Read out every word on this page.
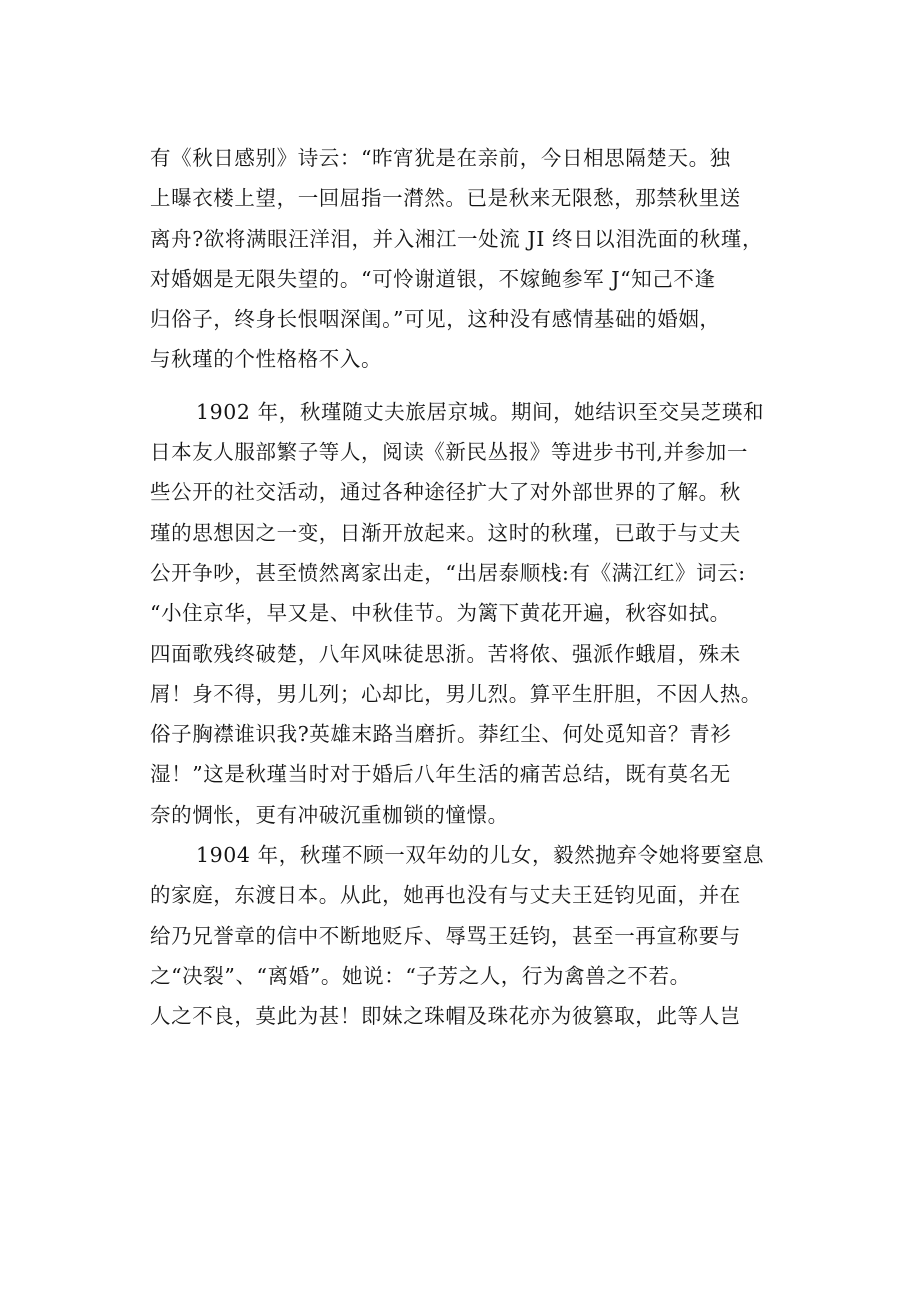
有《秋日感别》诗云：“昨宵犹是在亲前，今日相思隔楚天。独
上曝衣楼上望，一回屈指一潸然。已是秋来无限愁，那禁秋里送
离舟?欲将满眼汪洋泪，并入湘江一处流 JI 终日以泪洗面的秋瑾，
对婚姻是无限失望的。“可怜谢道银，不嫁鲍参军 J“知己不逢
归俗子，终身长恨咽深闺。”可见，这种没有感情基础的婚姻，
与秋瑾的个性格格不入。
1902 年，秋瑾随丈夫旅居京城。期间，她结识至交吴芝瑛和
日本友人服部繁子等人，阅读《新民丛报》等进步书刊,并参加一
些公开的社交活动，通过各种途径扩大了对外部世界的了解。秋
瑾的思想因之一变，日渐开放起来。这时的秋瑾，已敢于与丈夫
公开争吵，甚至愤然离家出走，“出居泰顺栈:有《满江红》词云:
“小住京华，早又是、中秋佳节。为篱下黄花开遍，秋容如拭。
四面歌残终破楚，八年风味徒思浙。苦将侬、强派作蛾眉，殊未
屑！身不得，男儿列；心却比，男儿烈。算平生肝胆，不因人热。
俗子胸襟谁识我?英雄末路当磨折。莽红尘、何处觅知音？青衫
湿！”这是秋瑾当时对于婚后八年生活的痛苦总结，既有莫名无
奈的惆怅，更有冲破沉重枷锁的憧憬。
1904 年，秋瑾不顾一双年幼的儿女，毅然抛弃令她将要窒息
的家庭，东渡日本。从此，她再也没有与丈夫王廷钧见面，并在
给乃兄誉章的信中不断地贬斥、辱骂王廷钧，甚至一再宣称要与
之“决裂”、“离婚”。她说：“子芳之人，行为禽兽之不若。
人之不良，莫此为甚！即妹之珠帽及珠花亦为彼篡取，此等人岂
